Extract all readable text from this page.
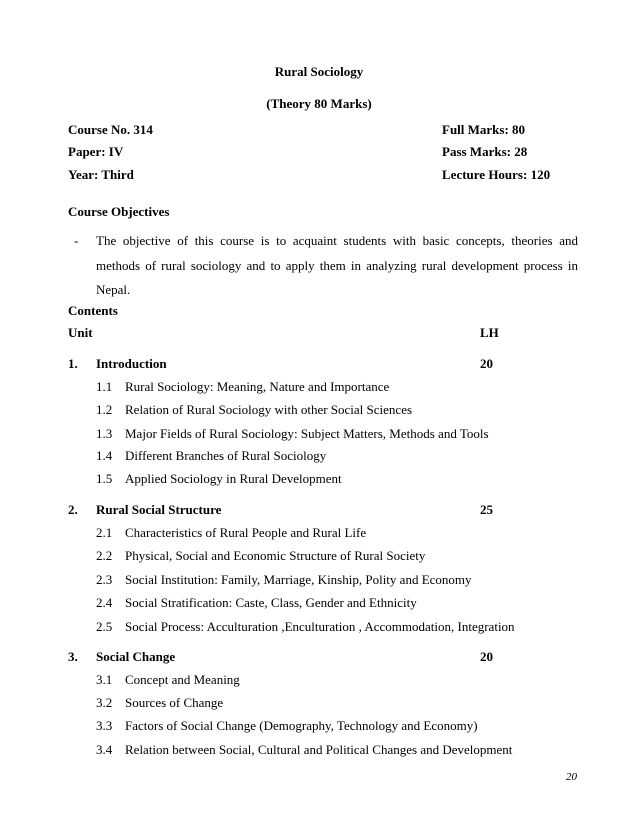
Rural Sociology
(Theory 80 Marks)
Course No. 314
Paper: IV
Year: Third
Full Marks: 80
Pass Marks: 28
Lecture Hours: 120
Course Objectives
- The objective of this course is to acquaint students with basic concepts, theories and methods of rural sociology and to apply them in analyzing rural development process in Nepal.
Contents
Unit	LH
1. Introduction	20
1.1 Rural Sociology: Meaning, Nature and Importance
1.2 Relation of Rural Sociology with other Social Sciences
1.3 Major Fields of Rural Sociology: Subject Matters, Methods and Tools
1.4 Different Branches of Rural Sociology
1.5 Applied Sociology in Rural Development
2. Rural Social Structure	25
2.1 Characteristics of Rural People and Rural Life
2.2 Physical, Social and Economic Structure of Rural Society
2.3 Social Institution: Family, Marriage, Kinship, Polity and Economy
2.4 Social Stratification: Caste, Class, Gender and Ethnicity
2.5 Social Process: Acculturation ,Enculturation , Accommodation, Integration
3. Social Change	20
3.1 Concept and Meaning
3.2 Sources of Change
3.3 Factors of Social Change (Demography, Technology and Economy)
3.4 Relation between Social, Cultural and Political Changes and Development
20
